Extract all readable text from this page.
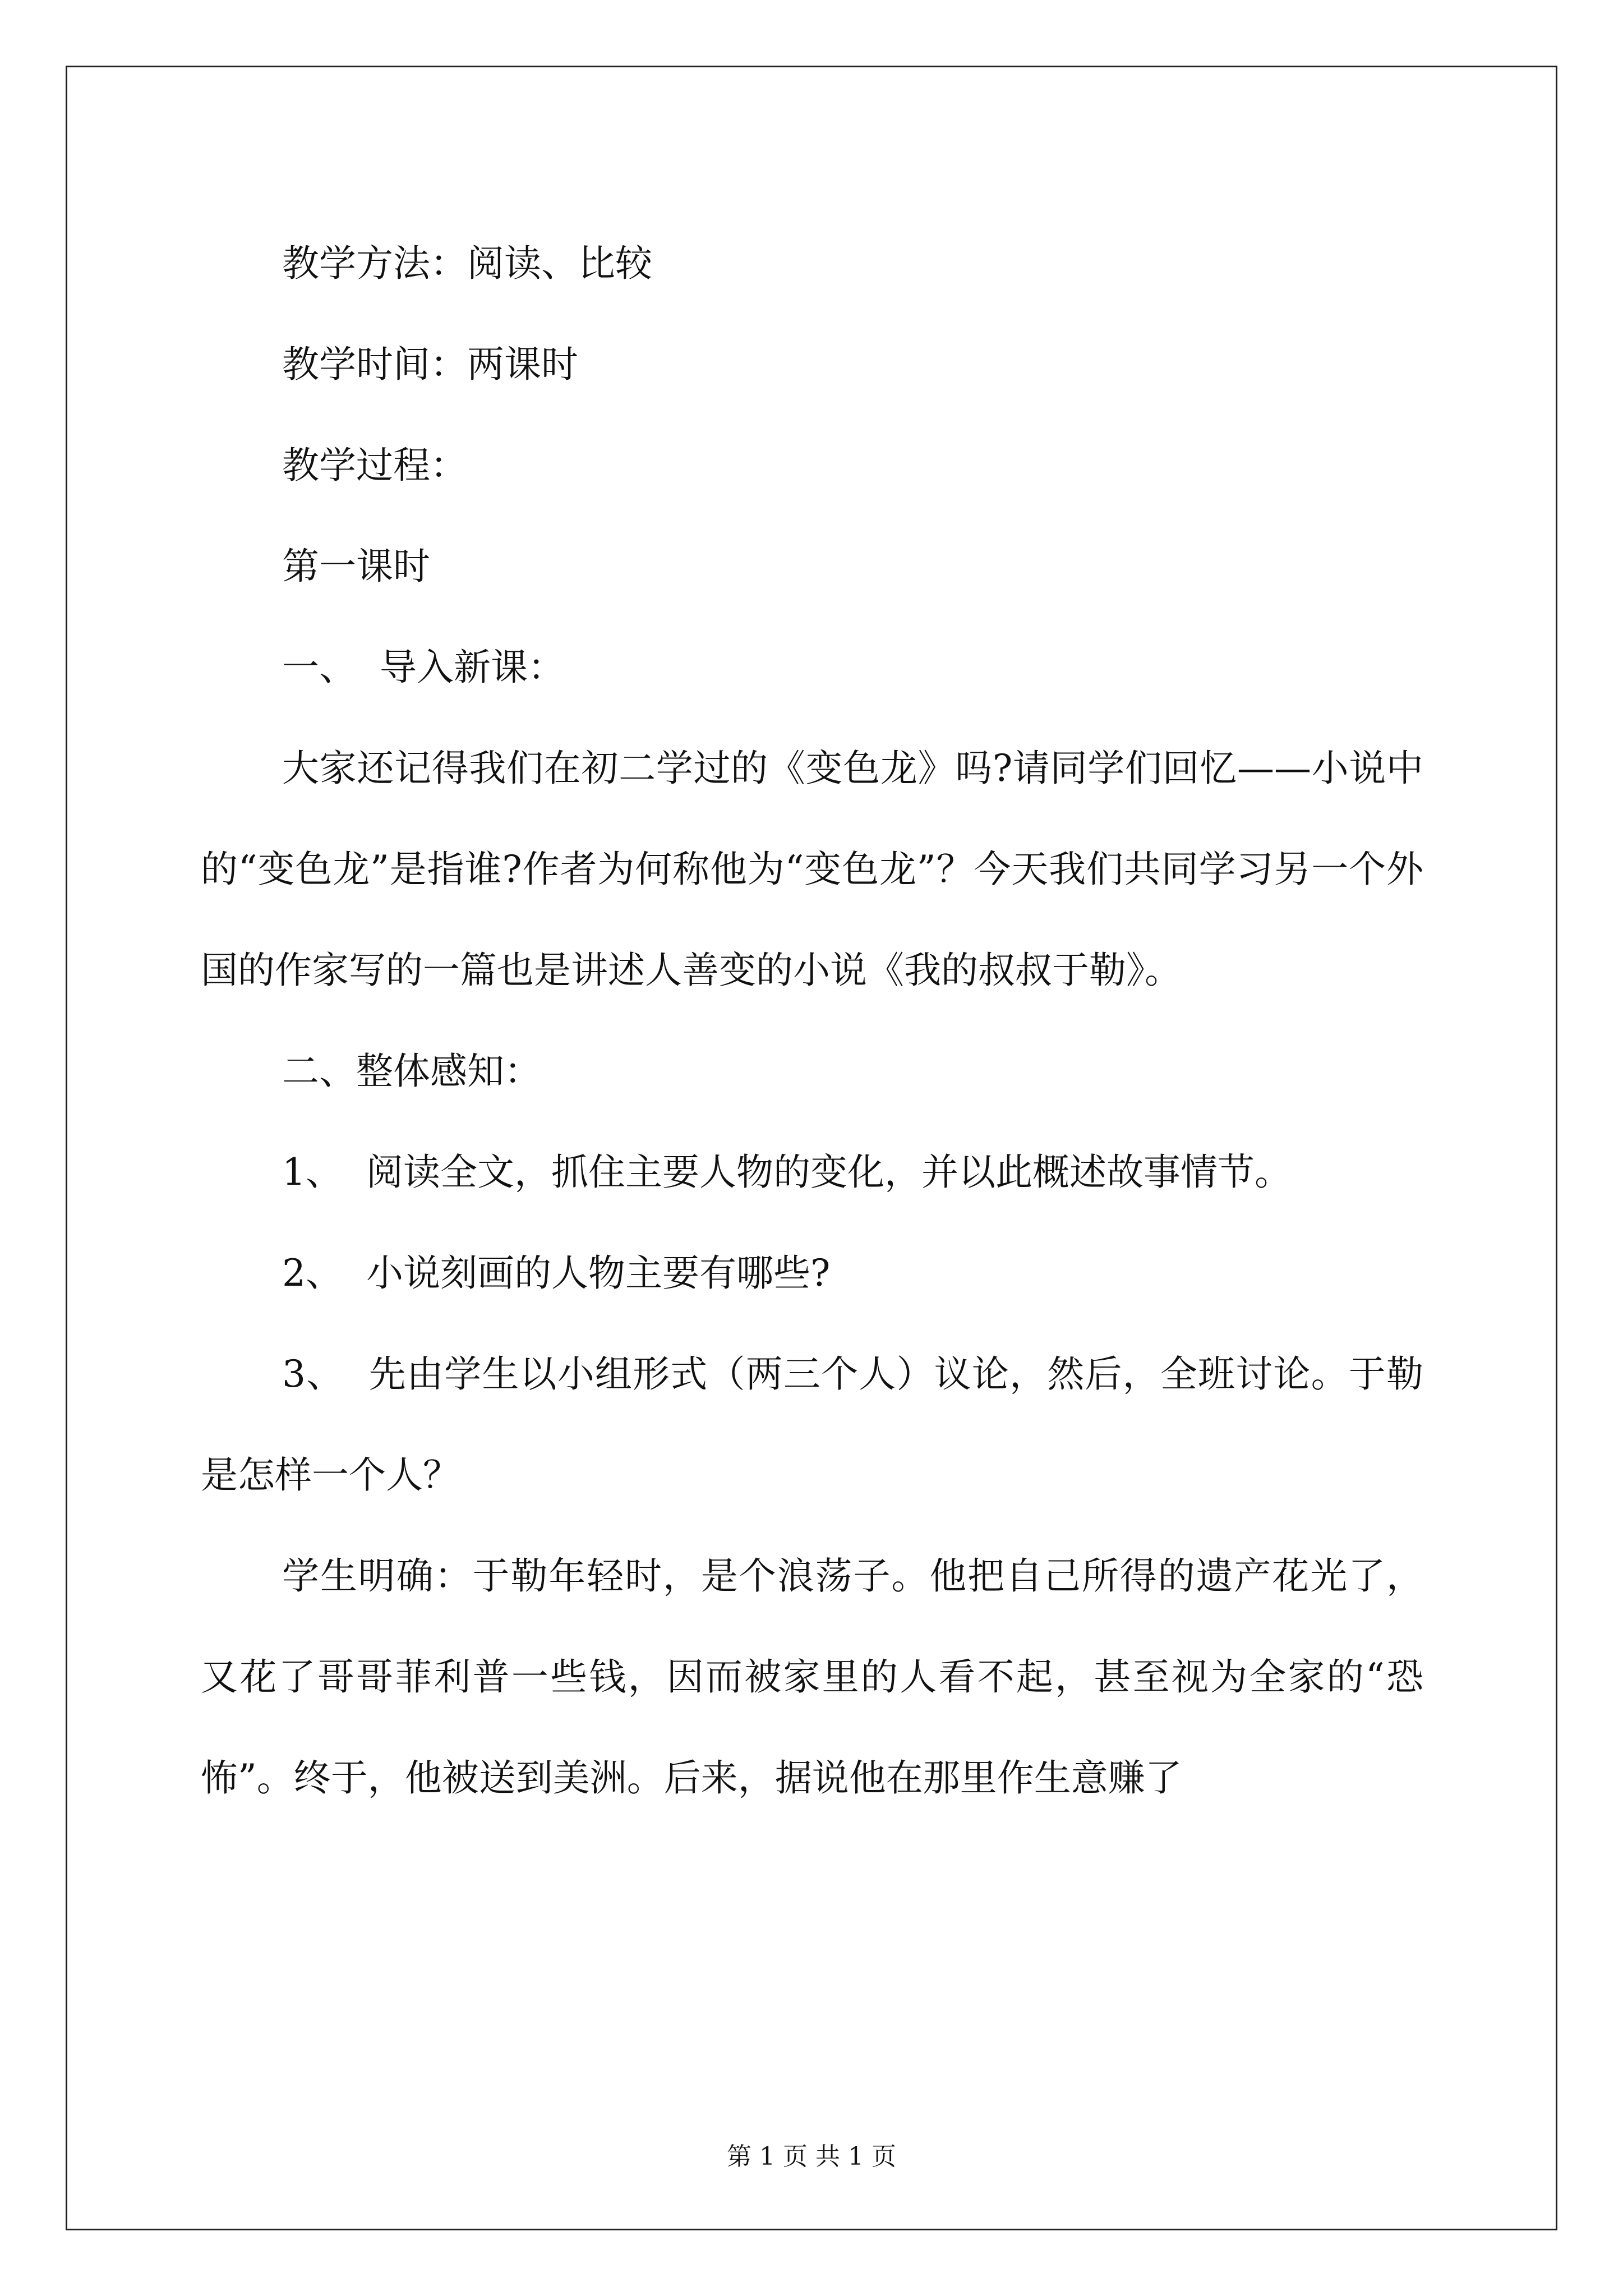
教学方法：阅读、比较

教学时间：两课时

教学过程：

第一课时

一、  导入新课：

大家还记得我们在初二学过的《变色龙》吗?请同学们回忆——小说中的“变色龙”是指谁?作者为何称他为“变色龙”？今天我们共同学习另一个外国的作家写的一篇也是讲述人善变的小说《我的叔叔于勒》。

二、整体感知：

1、  阅读全文，抓住主要人物的变化，并以此概述故事情节。

2、  小说刻画的人物主要有哪些?

3、  先由学生以小组形式（两三个人）议论，然后，全班讨论。于勒是怎样一个人？

学生明确：于勒年轻时，是个浪荡子。他把自己所得的遗产花光了，又花了哥哥菲利普一些钱，因而被家里的人看不起，甚至视为全家的“恐怖”。终于，他被送到美洲。后来，据说他在那里作生意赚了

第 1 页 共 1 页
